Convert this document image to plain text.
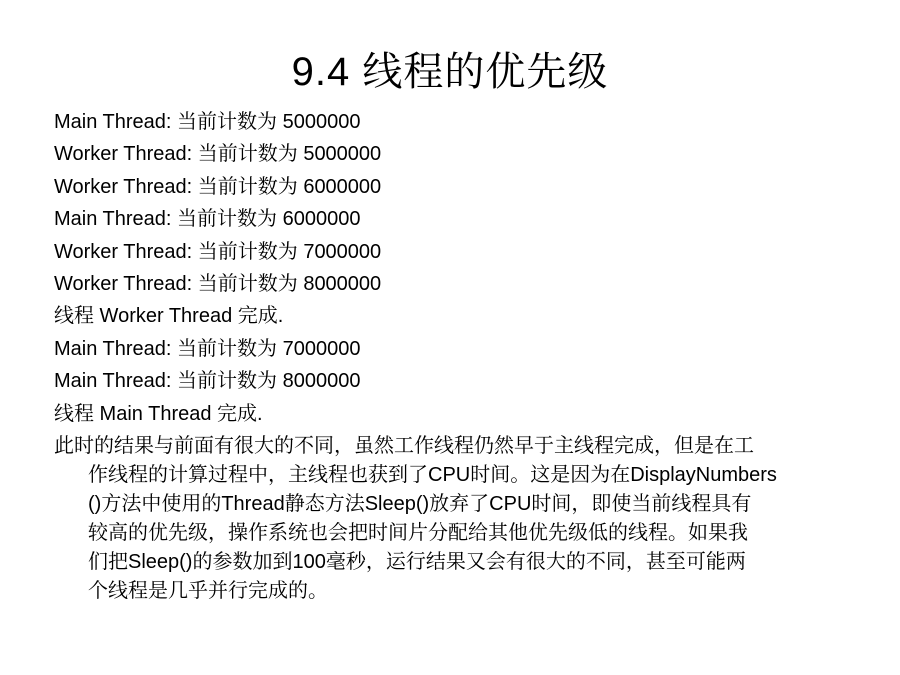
9.4 线程的优先级
Main Thread: 当前计数为 5000000
Worker Thread: 当前计数为 5000000
Worker Thread: 当前计数为 6000000
Main Thread: 当前计数为 6000000
Worker Thread: 当前计数为 7000000
Worker Thread: 当前计数为 8000000
线程 Worker Thread 完成.
Main Thread: 当前计数为 7000000
Main Thread: 当前计数为 8000000
线程 Main Thread 完成.

此时的结果与前面有很大的不同，虽然工作线程仍然早于主线程完成，但是在工
作线程的计算过程中，主线程也获到了CPU时间。这是因为在DisplayNumbers
()方法中使用的Thread静态方法Sleep()放弃了CPU时间，即使当前线程具有
较高的优先级，操作系统也会把时间片分配给其他优先级低的线程。如果我
们把Sleep()的参数加到100毫秒，运行结果又会有很大的不同，甚至可能两
个线程是几乎并行完成的。
